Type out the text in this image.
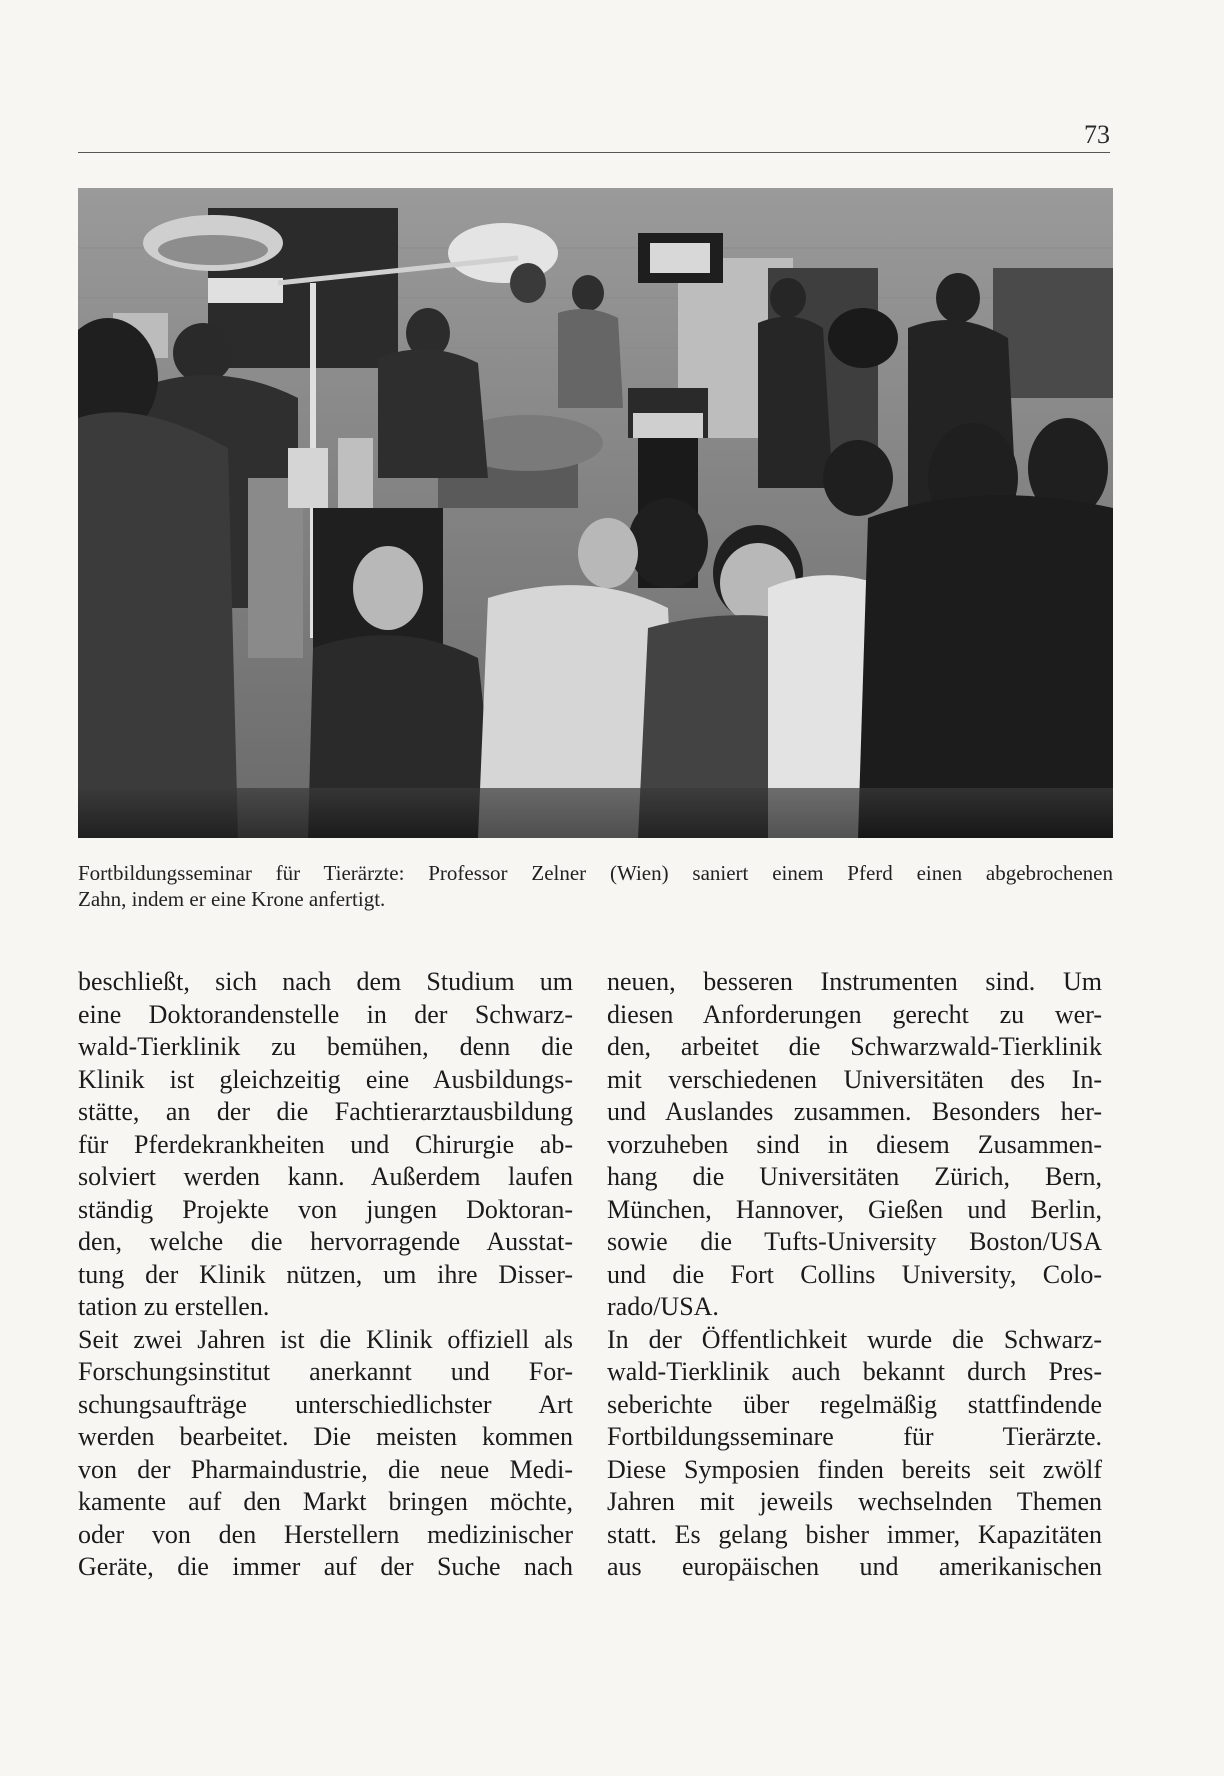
73
Fortbildungsseminar für Tierärzte: Professor Zelner (Wien) saniert einem Pferd einen abgebrochenen
Zahn, indem er eine Krone anfertigt.
beschließt, sich nach dem Studium um
eine Doktorandenstelle in der Schwarz-
wald-Tierklinik zu bemühen, denn die
Klinik ist gleichzeitig eine Ausbildungs-
stätte, an der die Fachtierarztausbildung
für Pferdekrankheiten und Chirurgie ab-
solviert werden kann. Außerdem laufen
ständig Projekte von jungen Doktoran-
den, welche die hervorragende Ausstat-
tung der Klinik nützen, um ihre Disser-
tation zu erstellen.
Seit zwei Jahren ist die Klinik offiziell als
Forschungsinstitut anerkannt und For-
schungsaufträge unterschiedlichster Art
werden bearbeitet. Die meisten kommen
von der Pharmaindustrie, die neue Medi-
kamente auf den Markt bringen möchte,
oder von den Herstellern medizinischer
Geräte, die immer auf der Suche nach
neuen, besseren Instrumenten sind. Um
diesen Anforderungen gerecht zu wer-
den, arbeitet die Schwarzwald-Tierklinik
mit verschiedenen Universitäten des In-
und Auslandes zusammen. Besonders her-
vorzuheben sind in diesem Zusammen-
hang die Universitäten Zürich, Bern,
München, Hannover, Gießen und Berlin,
sowie die Tufts-University Boston/USA
und die Fort Collins University, Colo-
rado/USA.
In der Öffentlichkeit wurde die Schwarz-
wald-Tierklinik auch bekannt durch Pres-
seberichte über regelmäßig stattfindende
Fortbildungsseminare für Tierärzte.
Diese Symposien finden bereits seit zwölf
Jahren mit jeweils wechselnden Themen
statt. Es gelang bisher immer, Kapazitäten
aus europäischen und amerikanischen
